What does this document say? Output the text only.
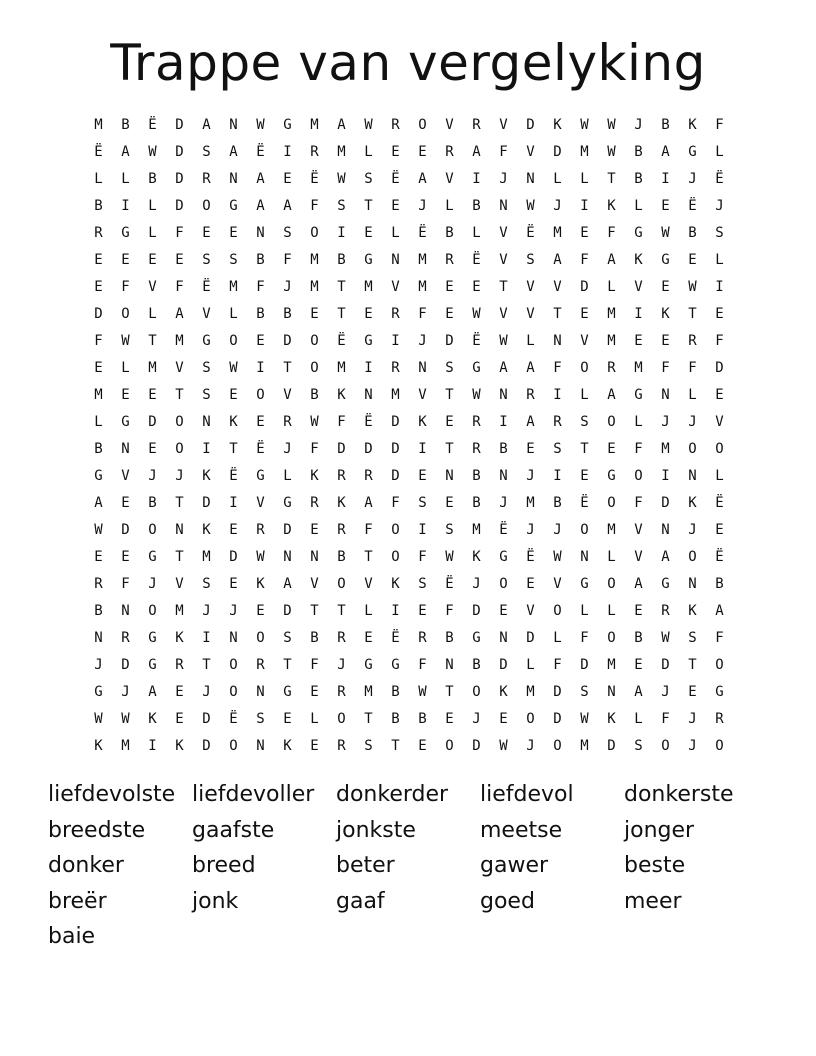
Trappe van vergelyking
M	B	Ë	D	A	N	W	G	M	A	W	R	O	V	R	V	D	K	W	W	J	B	K	F
Ë	A	W	D	S	A	Ë	I	R	M	L	E	E	R	A	F	V	D	M	W	B	A	G	L
L	L	B	D	R	N	A	E	Ë	W	S	Ë	A	V	I	J	N	L	L	T	B	I	J	Ë
B	I	L	D	O	G	A	A	F	S	T	E	J	L	B	N	W	J	I	K	L	E	Ë	J
R	G	L	F	E	E	N	S	O	I	E	L	Ë	B	L	V	Ë	M	E	F	G	W	B	S
E	E	E	E	S	S	B	F	M	B	G	N	M	R	Ë	V	S	A	F	A	K	G	E	L
E	F	V	F	Ë	M	F	J	M	T	M	V	M	E	E	T	V	V	D	L	V	E	W	I
D	O	L	A	V	L	B	B	E	T	E	R	F	E	W	V	V	T	E	M	I	K	T	E
F	W	T	M	G	O	E	D	O	Ë	G	I	J	D	Ë	W	L	N	V	M	E	E	R	F
E	L	M	V	S	W	I	T	O	M	I	R	N	S	G	A	A	F	O	R	M	F	F	D
M	E	E	T	S	E	O	V	B	K	N	M	V	T	W	N	R	I	L	A	G	N	L	E
L	G	D	O	N	K	E	R	W	F	Ë	D	K	E	R	I	A	R	S	O	L	J	J	V
B	N	E	O	I	T	Ë	J	F	D	D	D	I	T	R	B	E	S	T	E	F	M	O	O
G	V	J	J	K	Ë	G	L	K	R	R	D	E	N	B	N	J	I	E	G	O	I	N	L
A	E	B	T	D	I	V	G	R	K	A	F	S	E	B	J	M	B	Ë	O	F	D	K	Ë
W	D	O	N	K	E	R	D	E	R	F	O	I	S	M	Ë	J	J	O	M	V	N	J	E
E	E	G	T	M	D	W	N	N	B	T	O	F	W	K	G	Ë	W	N	L	V	A	O	Ë
R	F	J	V	S	E	K	A	V	O	V	K	S	Ë	J	O	E	V	G	O	A	G	N	B
B	N	O	M	J	J	E	D	T	T	L	I	E	F	D	E	V	O	L	L	E	R	K	A
N	R	G	K	I	N	O	S	B	R	E	Ë	R	B	G	N	D	L	F	O	B	W	S	F
J	D	G	R	T	O	R	T	F	J	G	G	F	N	B	D	L	F	D	M	E	D	T	O
G	J	A	E	J	O	N	G	E	R	M	B	W	T	O	K	M	D	S	N	A	J	E	G
W	W	K	E	D	Ë	S	E	L	O	T	B	B	E	J	E	O	D	W	K	L	F	J	R
K	M	I	K	D	O	N	K	E	R	S	T	E	O	D	W	J	O	M	D	S	O	J	O
liefdevolste liefdevoller donkerder	liefdevol	donkerste
breedste	gaafste	jonkste	meetse	jonger
donker	breed	beter	gawer	beste
breër	jonk	gaaf	goed	meer
baie
